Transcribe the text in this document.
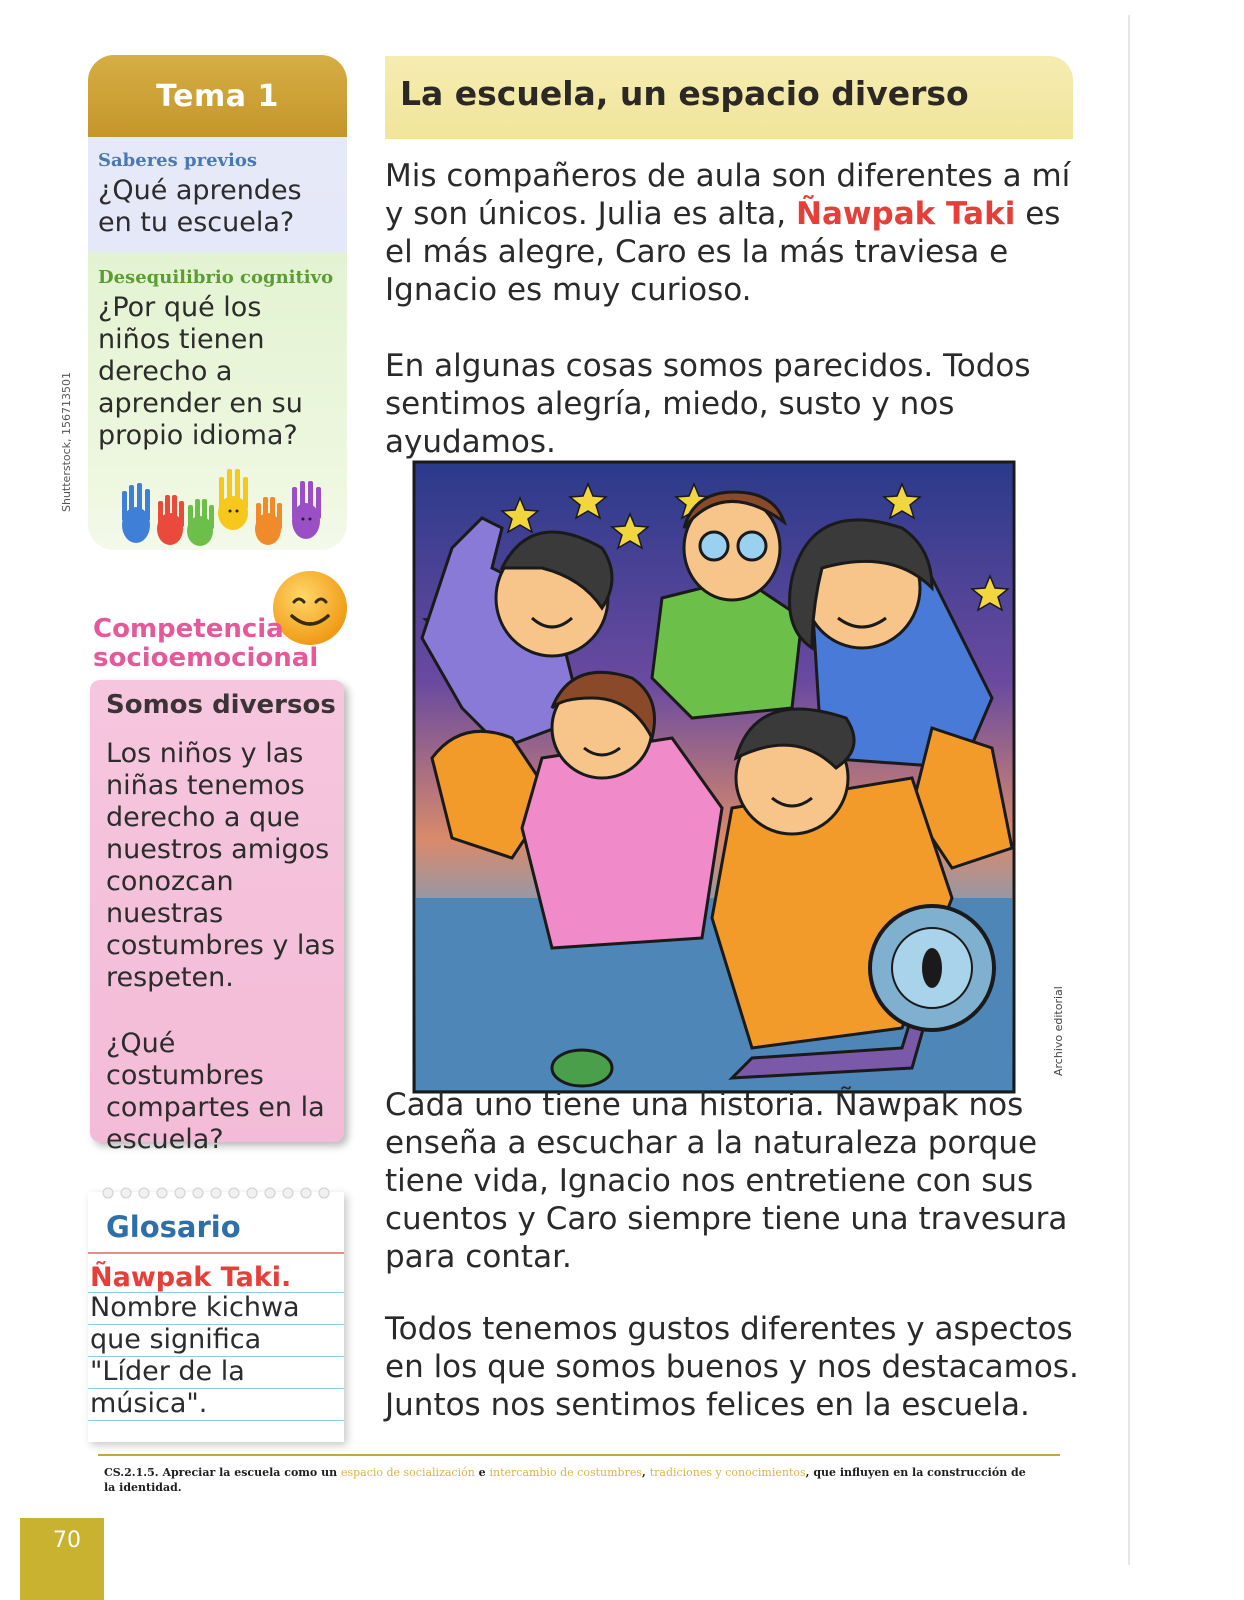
Shutterstock, 156713501
Tema 1
Saberes previos
¿Qué aprendes en tu escuela?
Desequilibrio cognitivo
¿Por qué los niños tienen derecho a aprender en su propio idioma?
Competencia
socioemocional
Somos diversos
Los niños y las niñas tenemos derecho a que nuestros amigos conozcan nuestras costumbres y las respeten.
¿Qué costumbres compartes en la escuela?
Glosario
Ñawpak Taki.
Nombre kichwa que significa "Líder de la música".
La escuela, un espacio diverso
Mis compañeros de aula son diferentes a mí y son únicos. Julia es alta, Ñawpak Taki es el más alegre, Caro es la más traviesa e Ignacio es muy curioso.
En algunas cosas somos parecidos. Todos sentimos alegría, miedo, susto y nos ayudamos.
Archivo editorial
Cada uno tiene una historia. Ñawpak nos enseña a escuchar a la naturaleza porque tiene vida, Ignacio nos entretiene con sus cuentos y Caro siempre tiene una travesura para contar.
Todos tenemos gustos diferentes y aspectos en los que somos buenos y nos destacamos. Juntos nos sentimos felices en la escuela.
CS.2.1.5. Apreciar la escuela como un espacio de socialización e intercambio de costumbres, tradiciones y conocimientos, que influyen en la construcción de la identidad.
70
